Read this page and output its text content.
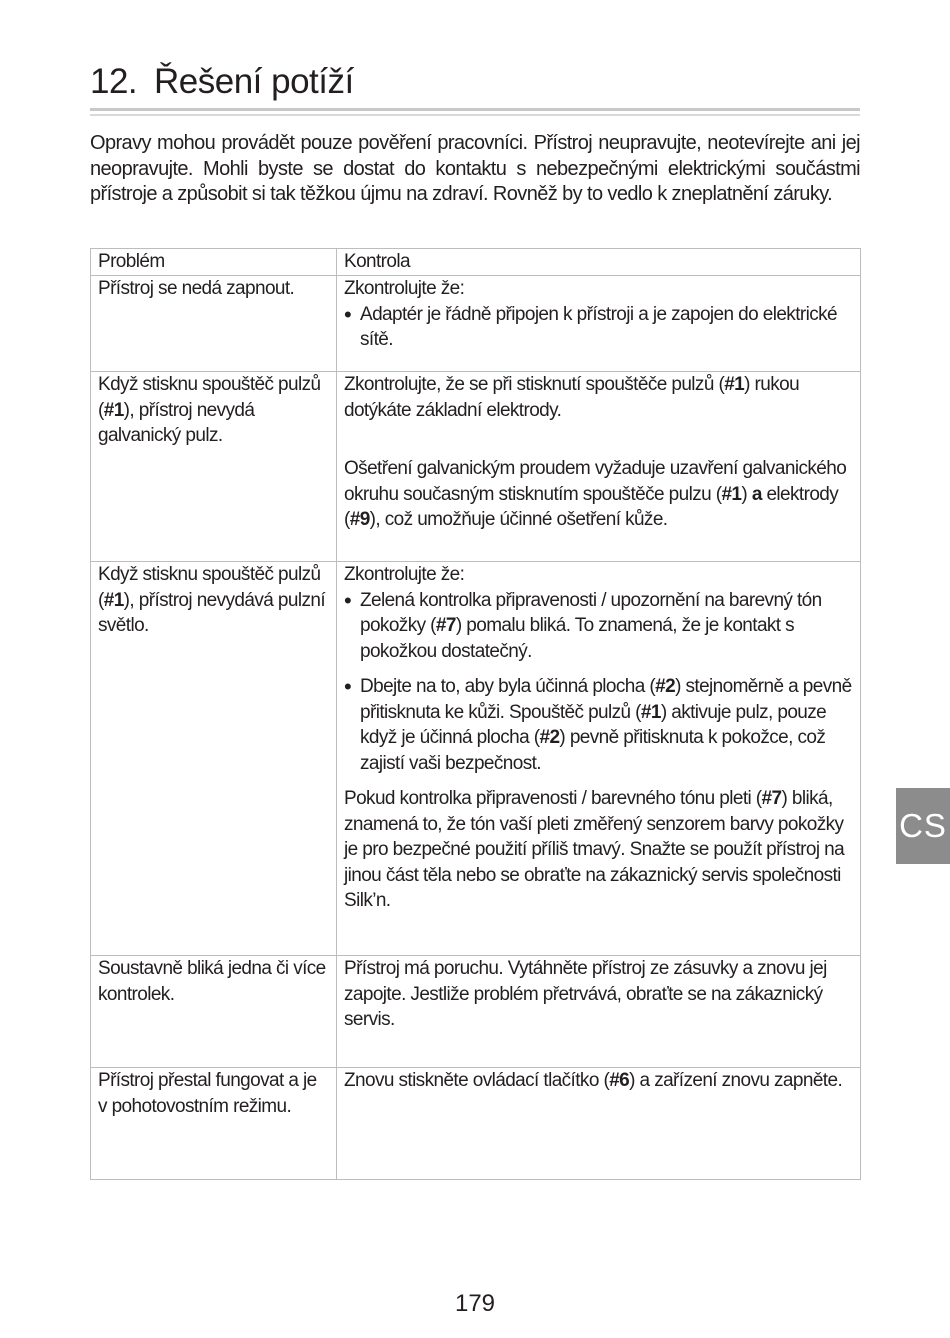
12. Řešení potíží

Opravy mohou provádět pouze pověření pracovníci. Přístroj neupravujte, neotevírejte ani jej neopravujte. Mohli byste se dostat do kontaktu s nebezpečnými elektrickými součástmi přístroje a způsobit si tak těžkou újmu na zdraví. Rovněž by to vedlo k zneplatnění záruky.

Problém	Kontrola

Přístroj se nedá zapnout.	Zkontrolujte že:

• Adaptér je řádně připojen k přístroji a je zapojen do elektrické sítě.

Když stisknu spouštěč pulzů (#1), přístroj nevydá galvanický pulz.	Zkontrolujte, že se při stisknutí spouštěče pulzů (#1) rukou dotýkáte základní elektrody.

Ošetření galvanickým proudem vyžaduje uzavření galvanického okruhu současným stisknutím spouštěče pulzu (#1) a elektrody (#9), což umožňuje účinné ošetření kůže.

Když stisknu spouštěč pulzů (#1), přístroj nevydává pulzní světlo.	Zkontrolujte že:

• Zelená kontrolka připravenosti / upozornění na barevný tón pokožky (#7) pomalu bliká. To znamená, že je kontakt s pokožkou dostatečný.

• Dbejte na to, aby byla účinná plocha (#2) stejnoměrně a pevně přitisknuta ke kůži. Spouštěč pulzů (#1) aktivuje pulz, pouze když je účinná plocha (#2) pevně přitisknuta k pokožce, což zajistí vaši bezpečnost.

Pokud kontrolka připravenosti / barevného tónu pleti (#7) bliká, znamená to, že tón vaší pleti změřený senzorem barvy pokožky je pro bezpečné použití příliš tmavý. Snažte se použít přístroj na jinou část těla nebo se obraťte na zákaznický servis společnosti Silk’n.

Soustavně bliká jedna či více kontrolek.	Přístroj má poruchu. Vytáhněte přístroj ze zásuvky a znovu jej zapojte. Jestliže problém přetrvává, obraťte se na zákaznický servis.

Přístroj přestal fungovat a je v pohotovostním režimu.	Znovu stiskněte ovládací tlačítko (#6) a zařízení znovu zapněte.

CS
179
